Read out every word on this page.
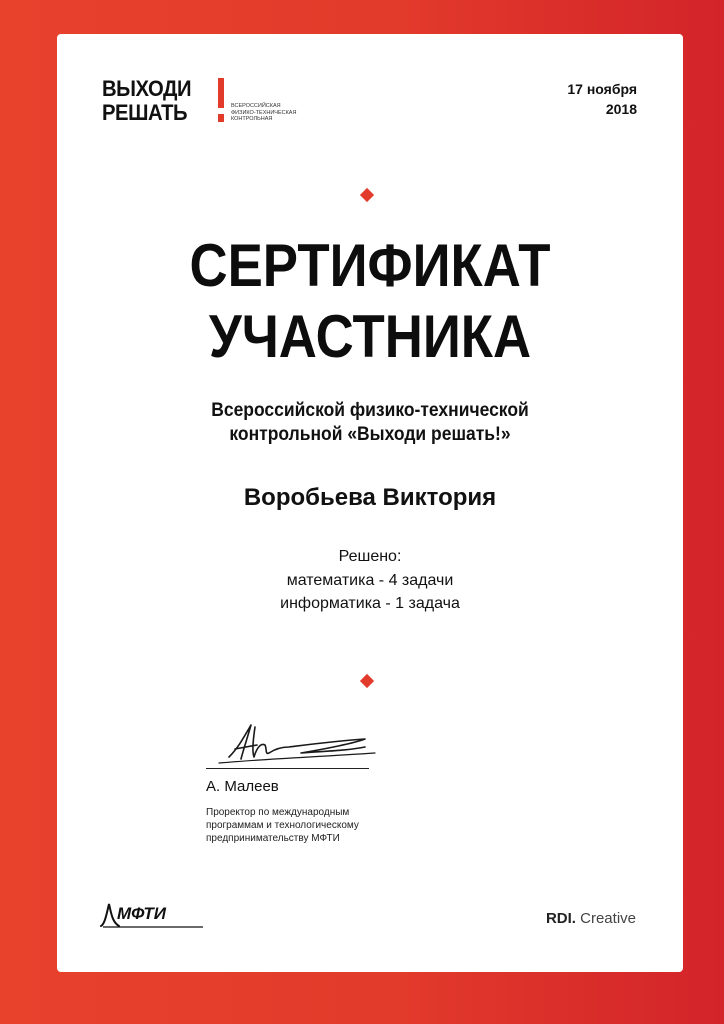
ВЫХОДИ
РЕШАТЬ	ВСЕРОССИЙСКАЯ
ФИЗИКО-ТЕХНИЧЕСКАЯ
КОНТРОЛЬНАЯ
17 ноября
2018
СЕРТИФИКАТ
УЧАСТНИКА
Всероссийской физико-технической
контрольной «Выходи решать!»
Воробьева Виктория
Решено:
математика - 4 задачи
информатика - 1 задача
А. Малеев
Проректор по международным
программам и технологическому
предпринимательству МФТИ
МФТИ	RDI. Creative
